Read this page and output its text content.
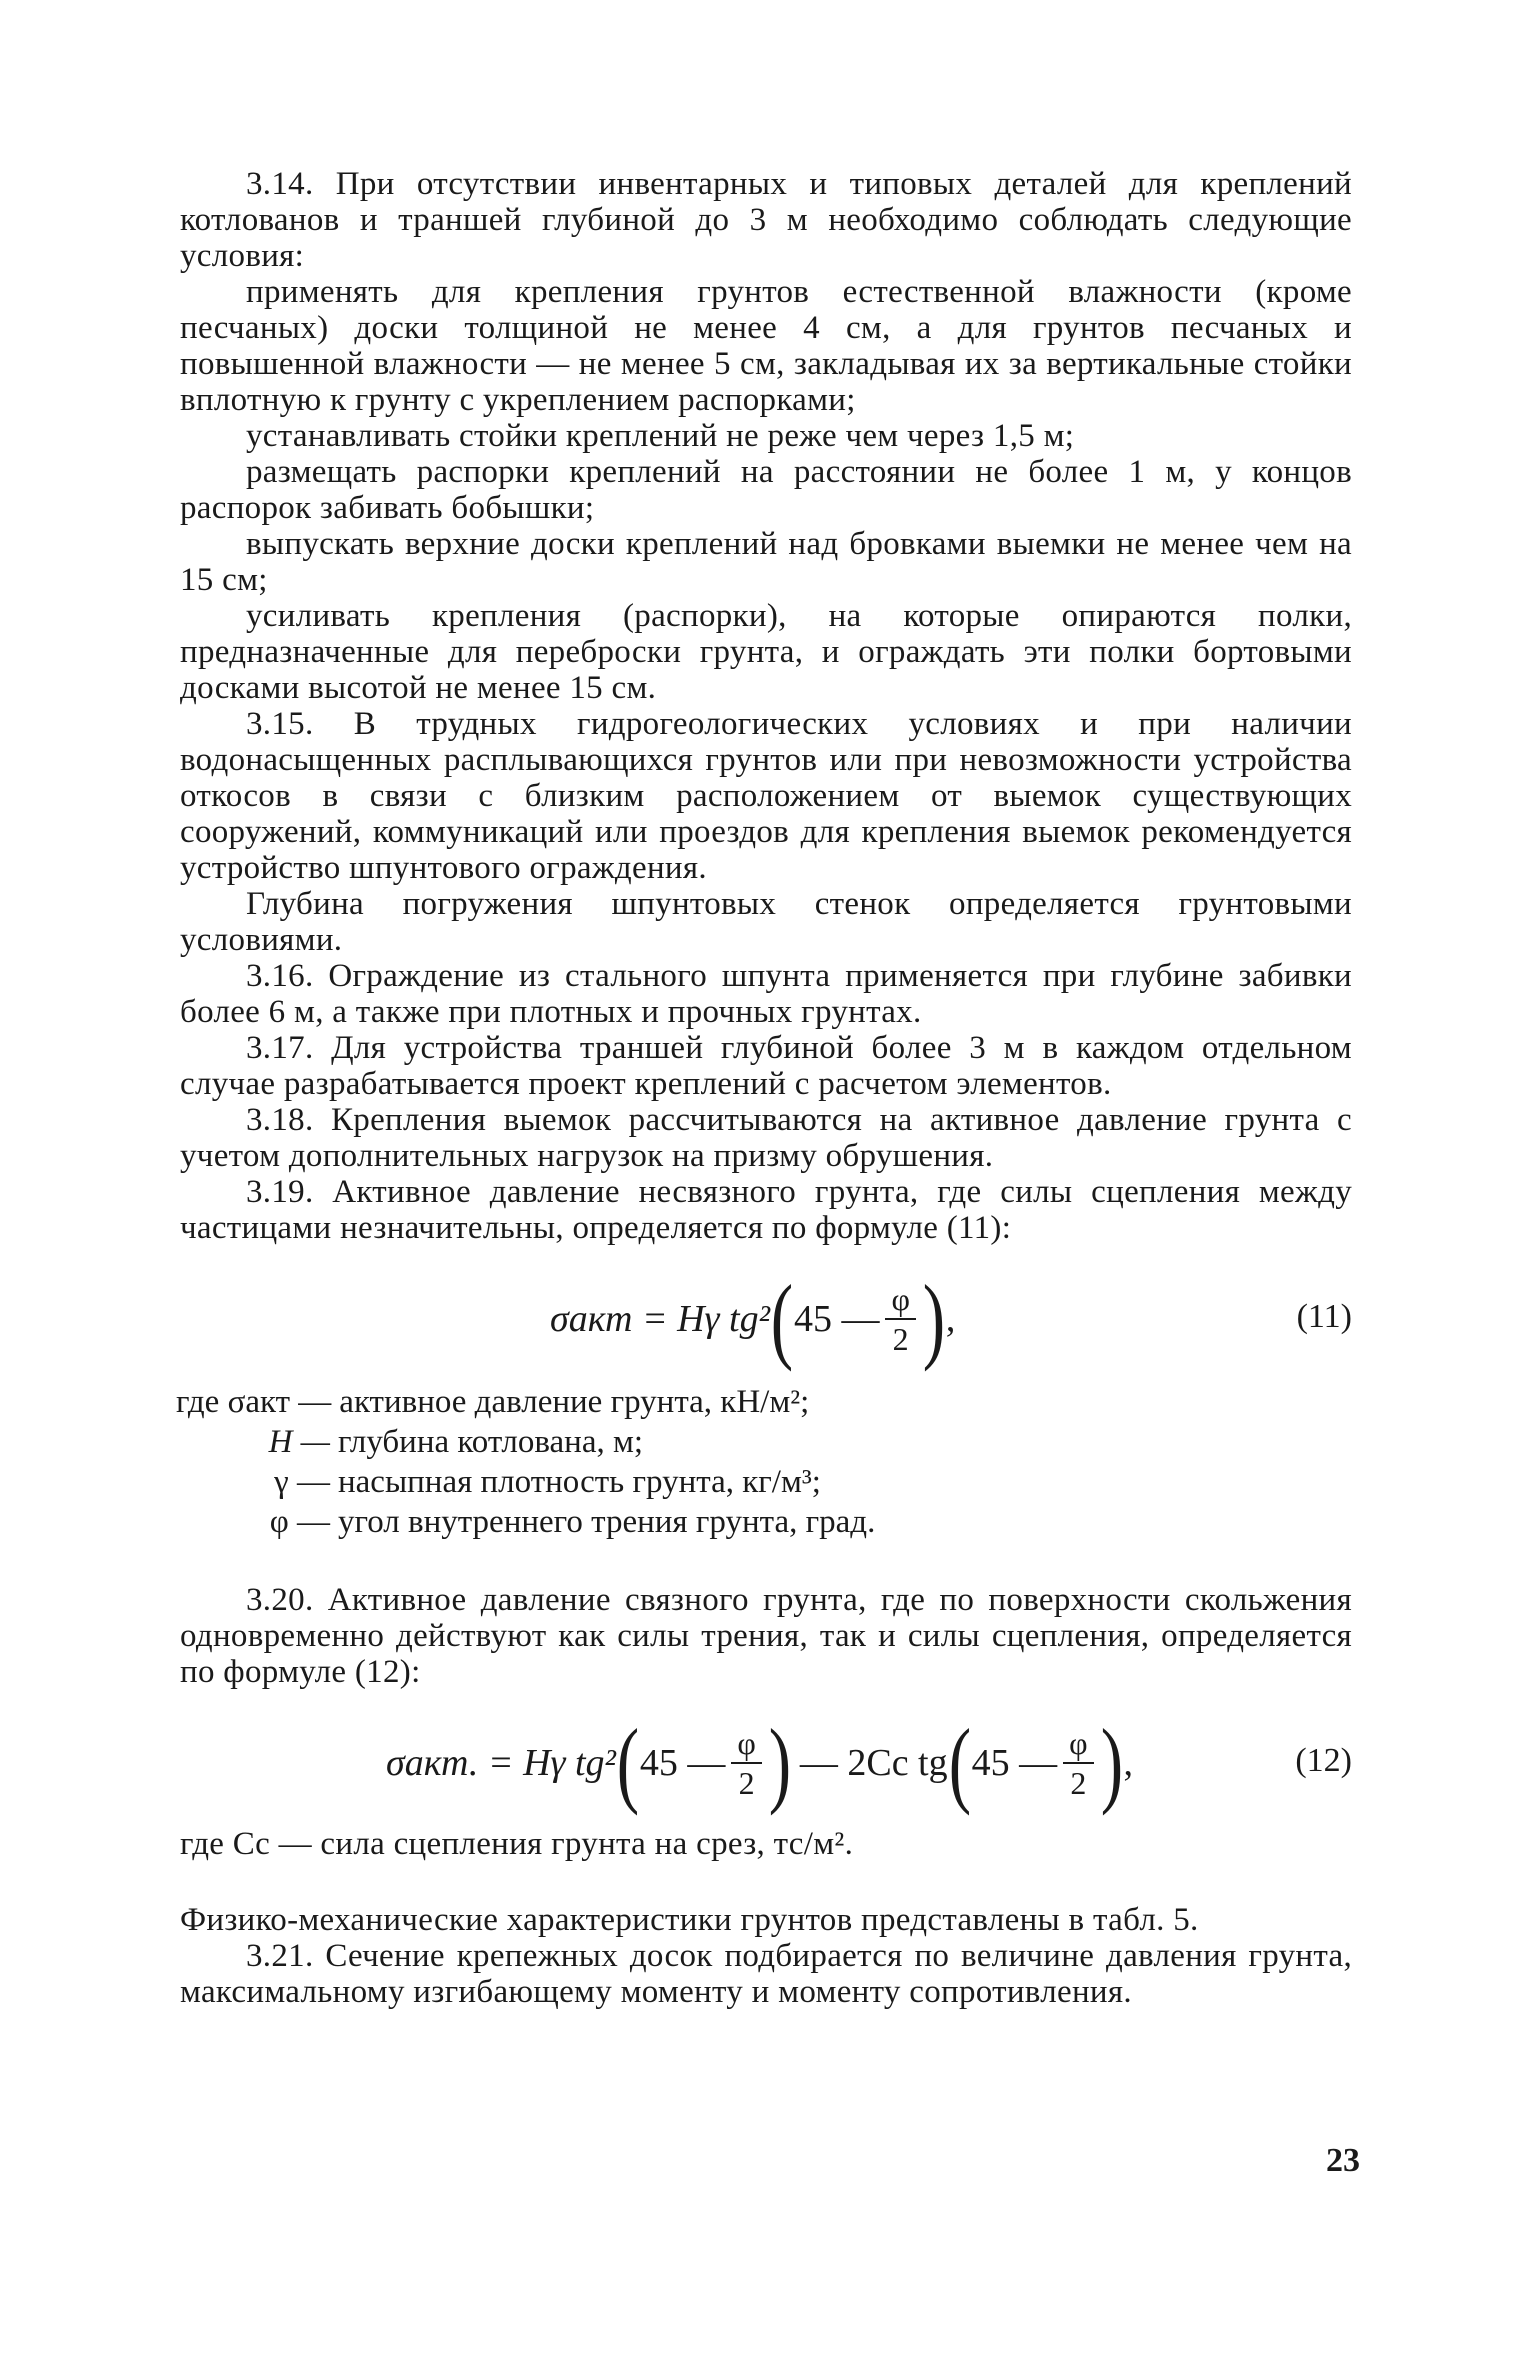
3.14. При отсутствии инвентарных и типовых деталей для креплений котлованов и траншей глубиной до 3 м необходимо соблюдать следующие условия:

применять для крепления грунтов естественной влажности (кроме песчаных) доски толщиной не менее 4 см, а для грунтов песчаных и повышенной влажности — не менее 5 см, закладывая их за вертикальные стойки вплотную к грунту с укреплением распорками;

устанавливать стойки креплений не реже чем через 1,5 м;

размещать распорки креплений на расстоянии не более 1 м, у концов распорок забивать бобышки;

выпускать верхние доски креплений над бровками выемки не менее чем на 15 см;

усиливать крепления (распорки), на которые опираются полки, предназначенные для переброски грунта, и ограждать эти полки бортовыми досками высотой не менее 15 см.

3.15. В трудных гидрогеологических условиях и при наличии водонасыщенных расплывающихся грунтов или при невозможности устройства откосов в связи с близким расположением от выемок существующих сооружений, коммуникаций или проездов для крепления выемок рекомендуется устройство шпунтового ограждения.

Глубина погружения шпунтовых стенок определяется грунтовыми условиями.

3.16. Ограждение из стального шпунта применяется при глубине забивки более 6 м, а также при плотных и прочных грунтах.

3.17. Для устройства траншей глубиной более 3 м в каждом отдельном случае разрабатывается проект креплений с расчетом элементов.

3.18. Крепления выемок рассчитываются на активное давление грунта с учетом дополнительных нагрузок на призму обрушения.

3.19. Активное давление несвязного грунта, где силы сцепления между частицами незначительны, определяется по формуле (11):

σакт = Hγ tg² ( 45 — $\frac{\varphi}{2}$ ) ,	(11)
где σакт — активное давление грунта, кН/м²;
H — глубина котлована, м;
γ — насыпная плотность грунта, кг/м³;
φ — угол внутреннего трения грунта, град.

3.20. Активное давление связного грунта, где по поверхности скольжения одновременно действуют как силы трения, так и силы сцепления, определяется по формуле (12):

σакт. = Hγ tg² ( 45 — $\frac{\varphi}{2}$ ) — 2Cс tg ( 45 — $\frac{\varphi}{2}$ ) ,	(12)

где Cс — сила сцепления грунта на срез, тс/м².

Физико-механические характеристики грунтов представлены в табл. 5.

3.21. Сечение крепежных досок подбирается по величине давления грунта, максимальному изгибающему моменту и моменту сопротивления.

23
